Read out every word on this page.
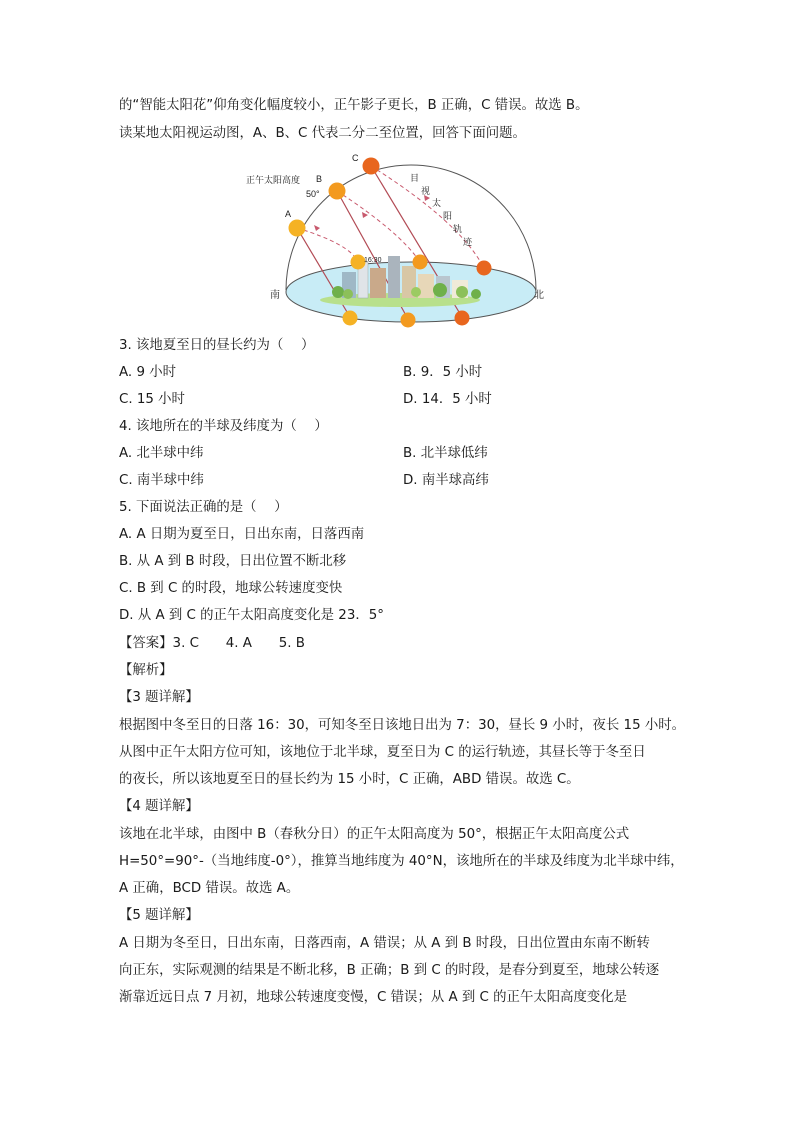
的“智能太阳花”仰角变化幅度较小，正午影子更长，B 正确，C 错误。故选 B。
读某地太阳视运动图，A、B、C 代表二分二至位置，回答下面问题。
正午太阳高度
50°
A
B
C
16:30
南	北
目
视
太
阳
轨
迹
3. 该地夏至日的昼长约为（　 ）
A. 9 小时	B. 9．5 小时
C. 15 小时	D. 14．5 小时
4. 该地所在的半球及纬度为（　 ）
A. 北半球中纬	B. 北半球低纬
C. 南半球中纬	D. 南半球高纬
5. 下面说法正确的是（　 ）
A. A 日期为夏至日，日出东南，日落西南
B. 从 A 到 B 时段，日出位置不断北移
C. B 到 C 的时段，地球公转速度变快
D. 从 A 到 C 的正午太阳高度变化是 23．5°
【答案】3. C　　4. A　　5. B
【解析】
【3 题详解】
根据图中冬至日的日落 16：30，可知冬至日该地日出为 7：30，昼长 9 小时，夜长 15 小时。
从图中正午太阳方位可知，该地位于北半球，夏至日为 C 的运行轨迹，其昼长等于冬至日
的夜长，所以该地夏至日的昼长约为 15 小时，C 正确，ABD 错误。故选 C。
【4 题详解】
该地在北半球，由图中 B（春秋分日）的正午太阳高度为 50°，根据正午太阳高度公式
H=50°=90°-（当地纬度-0°），推算当地纬度为 40°N，该地所在的半球及纬度为北半球中纬，
A 正确，BCD 错误。故选 A。
【5 题详解】
A 日期为冬至日，日出东南，日落西南，A 错误；从 A 到 B 时段，日出位置由东南不断转
向正东，实际观测的结果是不断北移，B 正确；B 到 C 的时段，是春分到夏至，地球公转逐
渐靠近远日点 7 月初，地球公转速度变慢，C 错误；从 A 到 C 的正午太阳高度变化是
